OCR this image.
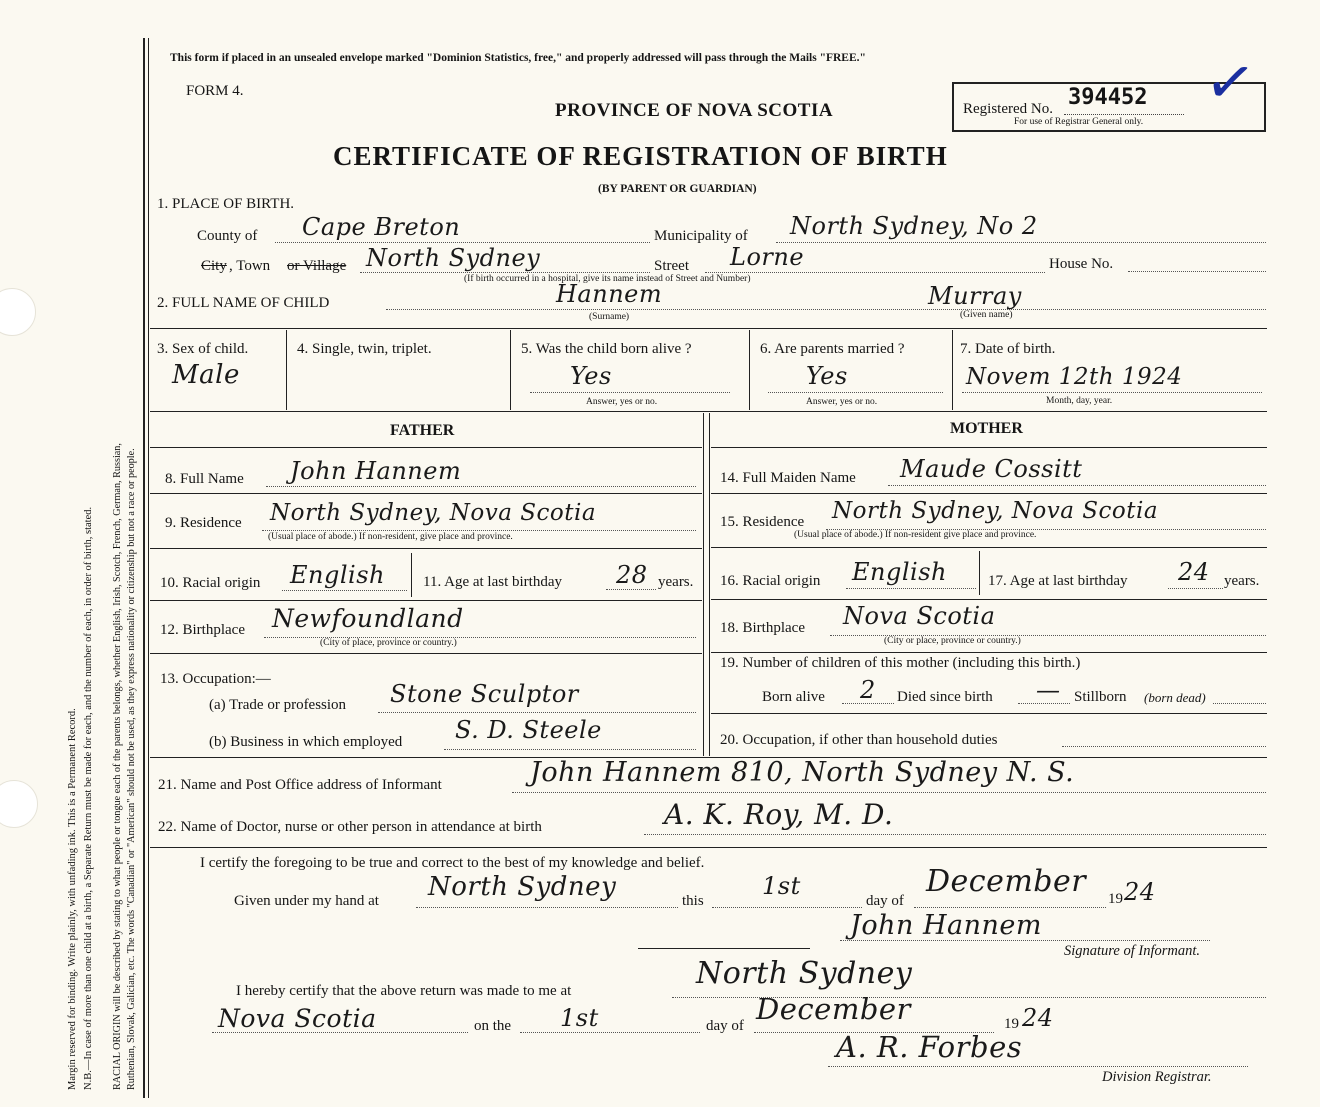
Margin reserved for binding. Write plainly, with unfading ink. This is a Permanent Record. N.B.—In case of more than one child at a birth, a Separate Return must be made for each, and the number of each, in order of birth, stated. RACIAL ORIGIN will be described by stating to what people or tongue each of the parents belongs, whether English, Irish, Scotch, French, German, Russian, Ruthenian, Slovak, Galician, etc. The words "Canadian" or "American" should not be used, as they express nationality or citizenship but not a race or people.
This form if placed in an unsealed envelope marked "Dominion Statistics, free," and properly addressed will pass through the Mails "FREE."
FORM 4.
PROVINCE OF NOVA SCOTIA
CERTIFICATE OF REGISTRATION OF BIRTH
(BY PARENT OR GUARDIAN)
Registered No. 394452
For use of Registrar General only.
✓
1. PLACE OF BIRTH.
County of Cape Breton	Municipality of North Sydney, No 2
City , Town or Village North Sydney
(If birth occurred in a hospital, give its name instead of Street and Number)
Street Lorne	House No.
2. FULL NAME OF CHILD	Hannem
(Surname)
Murray
(Given name)
3. Sex of child.
Male
4. Single, twin, triplet.	5. Was the child born alive ?
Yes
Answer, yes or no.
6. Are parents married ?
Yes
Answer, yes or no.
7. Date of birth.
Novem 12th 1924
Month, day, year.
FATHER	MOTHER
8. Full Name John Hannem
9. Residence North Sydney, Nova Scotia
(Usual place of abode.) If non-resident, give place and province.
10. Racial origin English	11. Age at last birthday 28 years.
12. Birthplace Newfoundland
(City of place, province or country.)
13. Occupation:—
(a) Trade or profession Stone Sculptor
(b) Business in which employed S. D. Steele
14. Full Maiden Name Maude Cossitt
15. Residence North Sydney, Nova Scotia
(Usual place of abode.) If non-resident give place and province.
16. Racial origin English	17. Age at last birthday 24 years.
18. Birthplace Nova Scotia
(City or place, province or country.)
19. Number of children of this mother (including this birth.)
Born alive 2 Died since birth — Stillborn (born dead)
20. Occupation, if other than household duties
21. Name and Post Office address of Informant	John Hannem 810, North Sydney N. S.
22. Name of Doctor, nurse or other person in attendance at birth	A. K. Roy, M. D.
I certify the foregoing to be true and correct to the best of my knowledge and belief.
Given under my hand at North Sydney	this
1st
day of
December 19 24
John Hannem
Signature of Informant.
I hereby certify that the above return was made to me at	North Sydney
Nova Scotia	on the 1st	day of December	19 24
A. R. Forbes
Division Registrar.
